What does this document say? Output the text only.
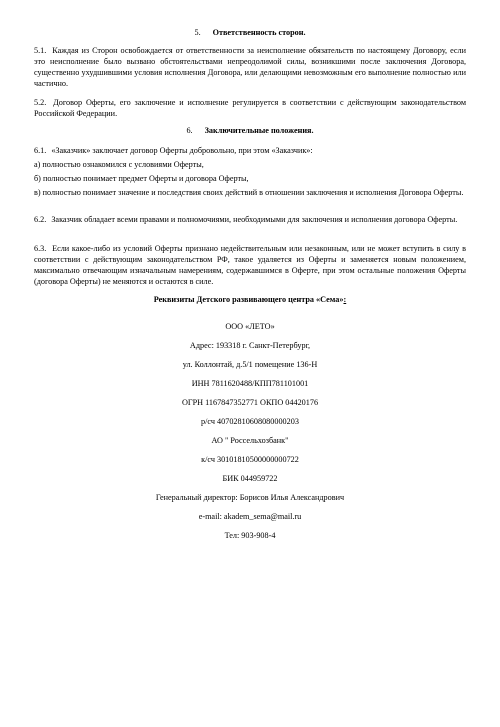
5. Ответственность сторон.
5.1. Каждая из Сторон освобождается от ответственности за неисполнение обязательств по настоящему Договору, если это неисполнение было вызвано обстоятельствами непреодолимой силы, возникшими после заключения Договора, существенно ухудшившими условия исполнения Договора, или делающими невозможным его выполнение полностью или частично.
5.2. Договор Оферты, его заключение и исполнение регулируется в соответствии с действующим законодательством Российской Федерации.
6. Заключительные положения.
6.1. «Заказчик» заключает договор Оферты добровольно, при этом «Заказчик»:
а) полностью ознакомился с условиями Оферты,
б) полностью понимает предмет Оферты и договора Оферты,
в) полностью понимает значение и последствия своих действий в отношении заключения и исполнения Договора Оферты.
6.2. Заказчик обладает всеми правами и полномочиями, необходимыми для заключения и исполнения договора Оферты.
6.3. Если какое-либо из условий Оферты признано недействительным или незаконным, или не может вступить в силу в соответствии с действующим законодательством РФ, такое удаляется из Оферты и заменяется новым положением, максимально отвечающим изначальным намерениям, содержавшимся в Оферте, при этом остальные положения Оферты (договора Оферты) не меняются и остаются в силе.
Реквизиты Детского развивающего центра «Сема»:
ООО «ЛЕТО»
Адрес: 193318 г. Санкт-Петербург,
ул. Коллонтай, д.5/1 помещение 136-Н
ИНН 7811620488/КПП781101001
ОГРН 1167847352771 ОКПО 04420176
р/сч 40702810608080000203
АО " Россельхозбанк"
к/сч 30101810500000000722
БИК 044959722
Генеральный директор: Борисов Илья Александрович
e-mail: akadem_sema@mail.ru
Тел: 903-908-4
